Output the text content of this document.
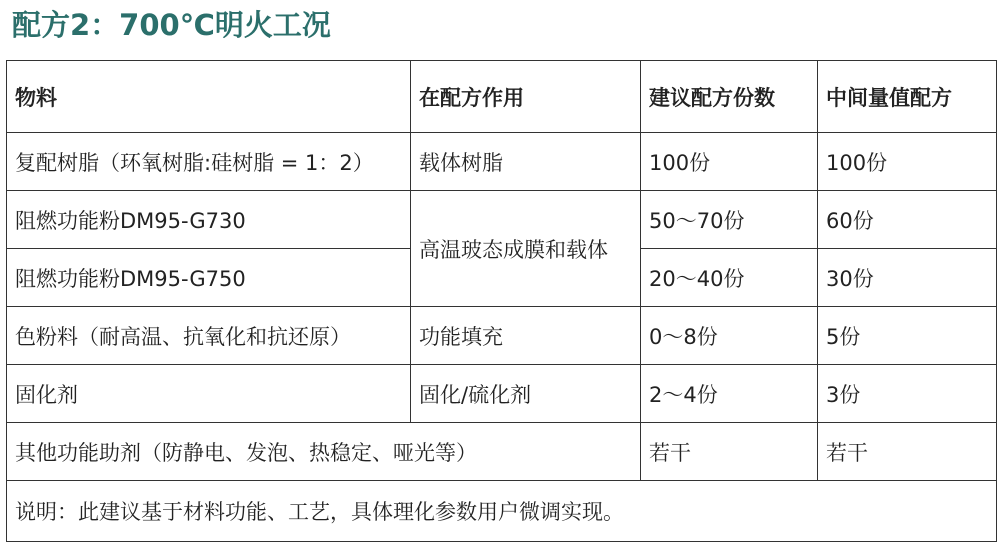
配方2：700℃明火工况
物料	在配方作用	建议配方份数	中间量值配方
复配树脂（环氧树脂:硅树脂 = 1：2）	载体树脂	100份	100份
阻燃功能粉DM95-G730	高温玻态成膜和载体	50～70份	60份
阻燃功能粉DM95-G750		20～40份	30份
色粉料（耐高温、抗氧化和抗还原）	功能填充	0～8份	5份
固化剂	固化/硫化剂	2～4份	3份
其他功能助剂（防静电、发泡、热稳定、哑光等）		若干	若干
说明：此建议基于材料功能、工艺，具体理化参数用户微调实现。			
